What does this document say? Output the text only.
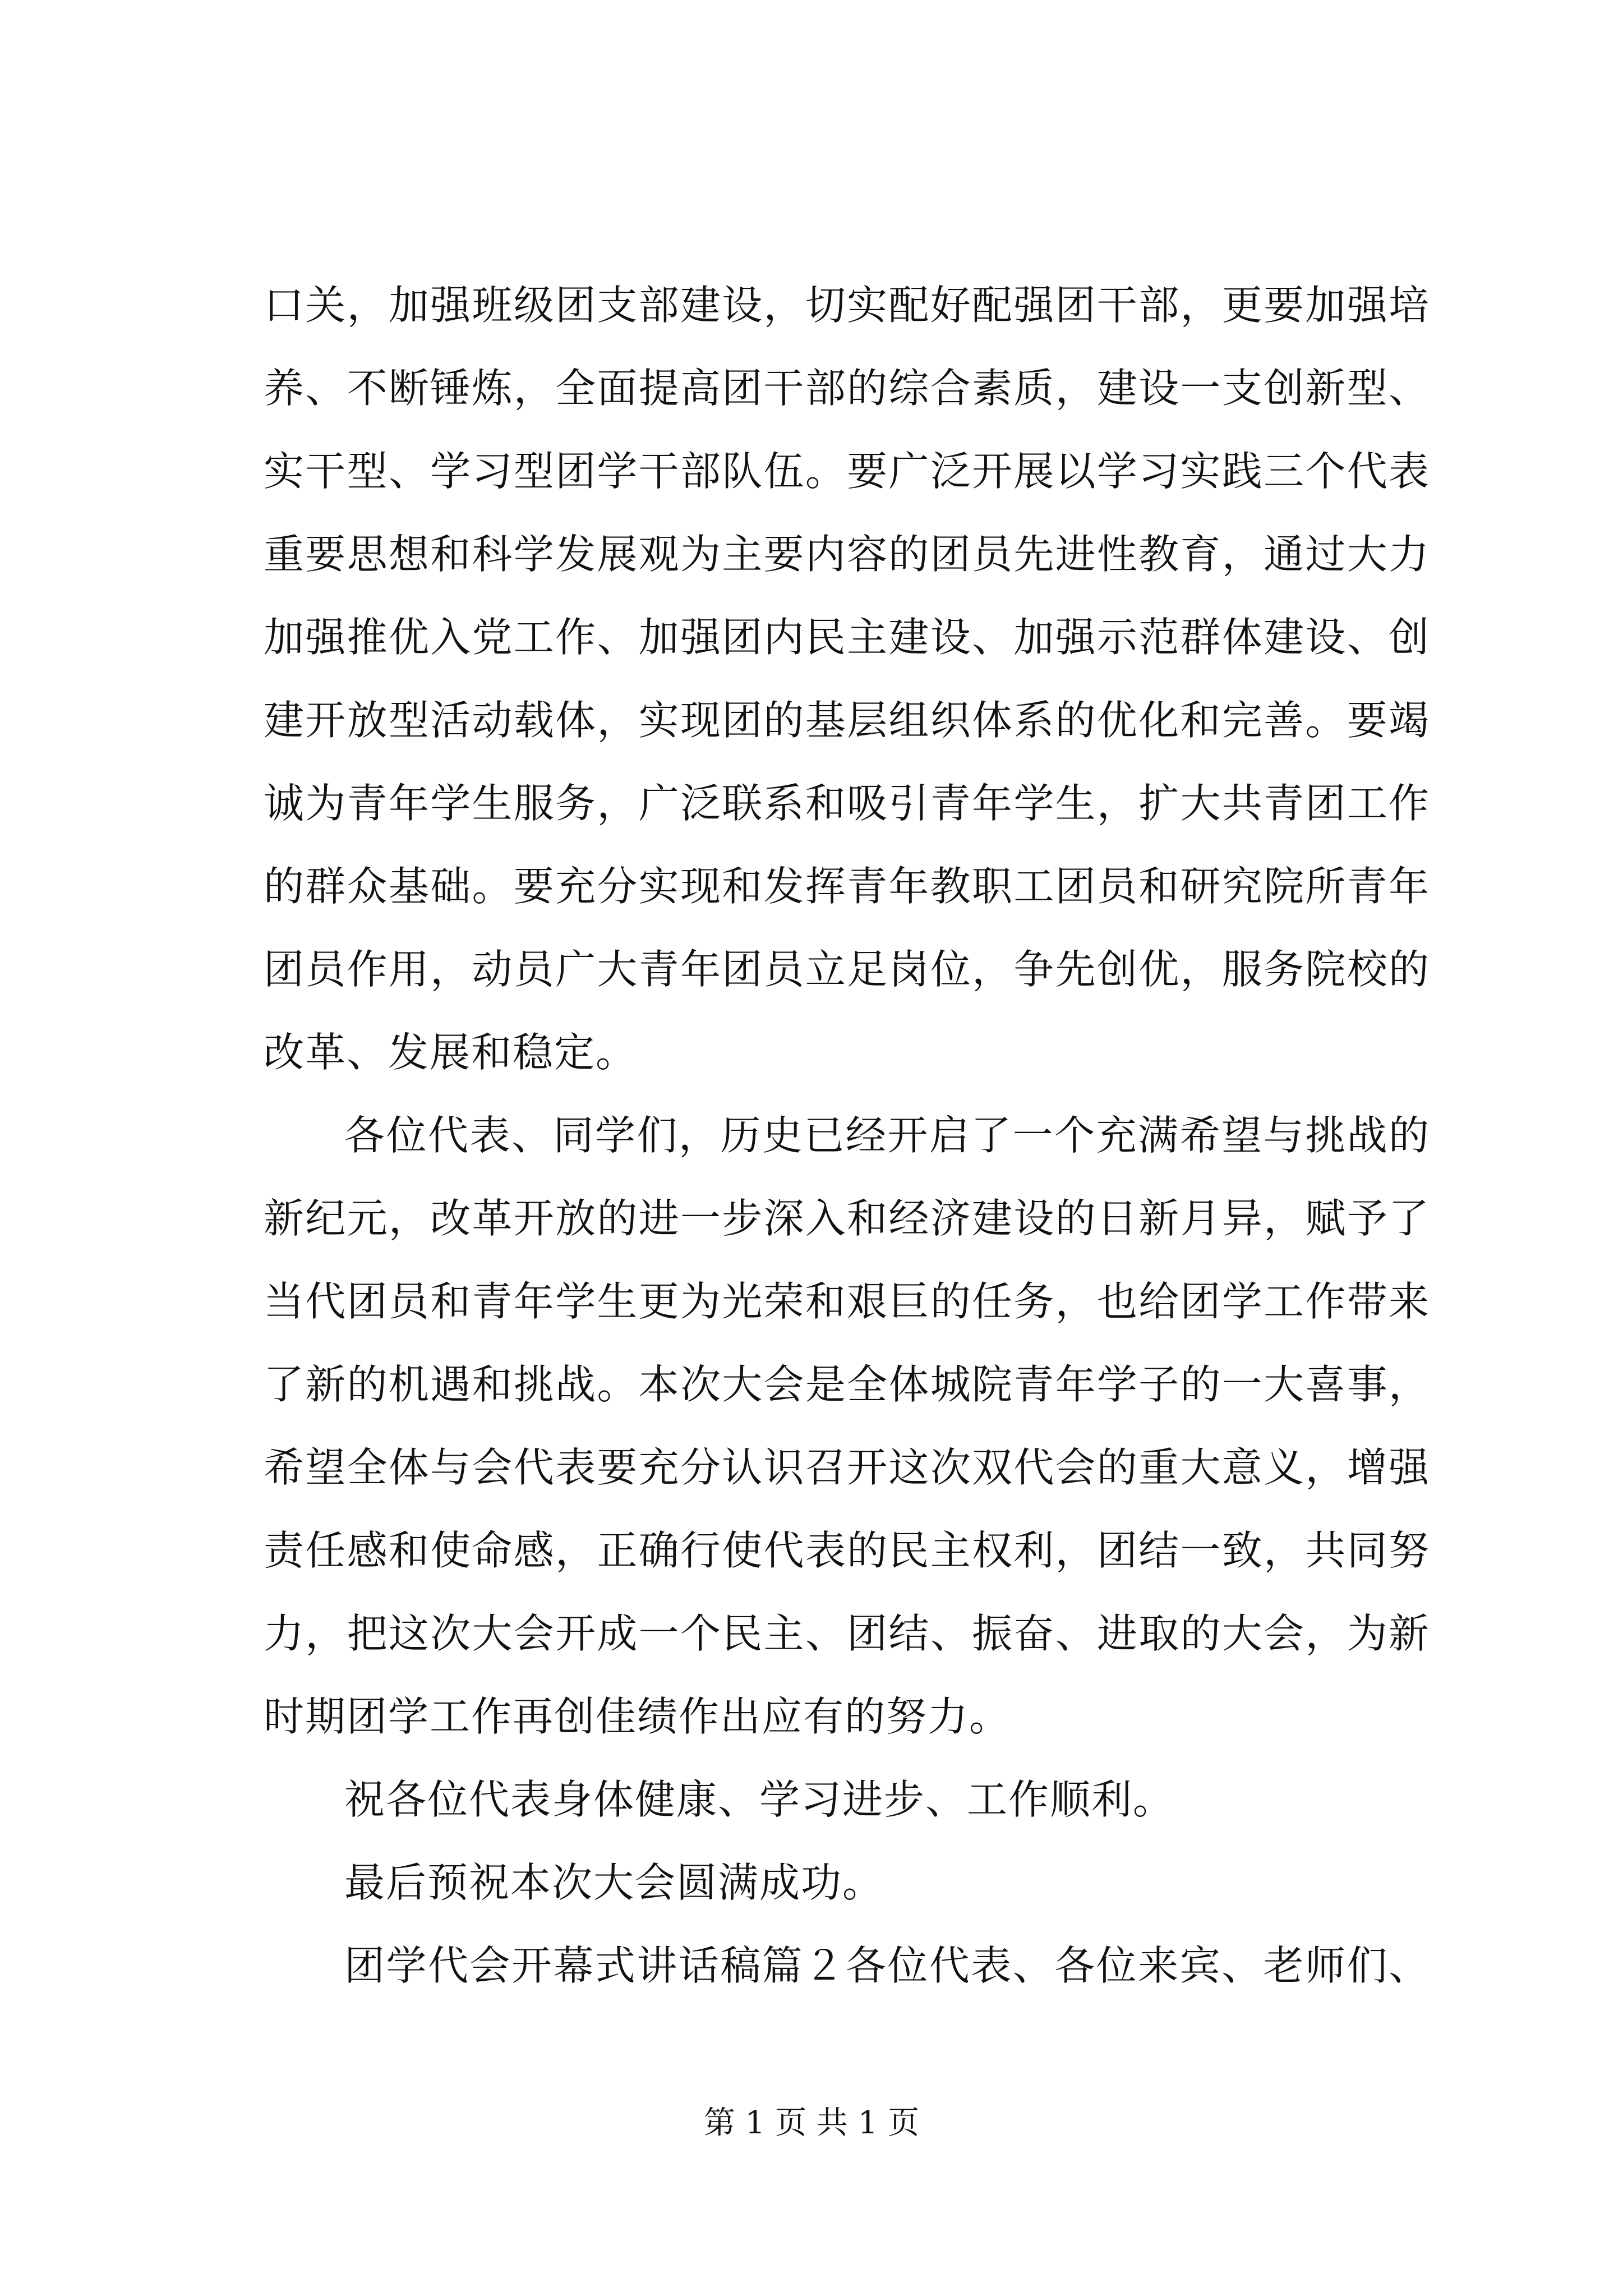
口关，加强班级团支部建设，切实配好配强团干部，更要加强培
养、不断锤炼，全面提高团干部的综合素质，建设一支创新型、
实干型、学习型团学干部队伍。要广泛开展以学习实践三个代表
重要思想和科学发展观为主要内容的团员先进性教育，通过大力
加强推优入党工作、加强团内民主建设、加强示范群体建设、创
建开放型活动载体，实现团的基层组织体系的优化和完善。要竭
诚为青年学生服务，广泛联系和吸引青年学生，扩大共青团工作
的群众基础。要充分实现和发挥青年教职工团员和研究院所青年
团员作用，动员广大青年团员立足岗位，争先创优，服务院校的
改革、发展和稳定。
各位代表、同学们，历史已经开启了一个充满希望与挑战的
新纪元，改革开放的进一步深入和经济建设的日新月异，赋予了
当代团员和青年学生更为光荣和艰巨的任务，也给团学工作带来
了新的机遇和挑战。本次大会是全体城院青年学子的一大喜事，
希望全体与会代表要充分认识召开这次双代会的重大意义，增强
责任感和使命感，正确行使代表的民主权利，团结一致，共同努
力，把这次大会开成一个民主、团结、振奋、进取的大会，为新
时期团学工作再创佳绩作出应有的努力。
祝各位代表身体健康、学习进步、工作顺利。
最后预祝本次大会圆满成功。
团学代会开幕式讲话稿篇２各位代表、各位来宾、老师们、
第 1 页 共 1 页
